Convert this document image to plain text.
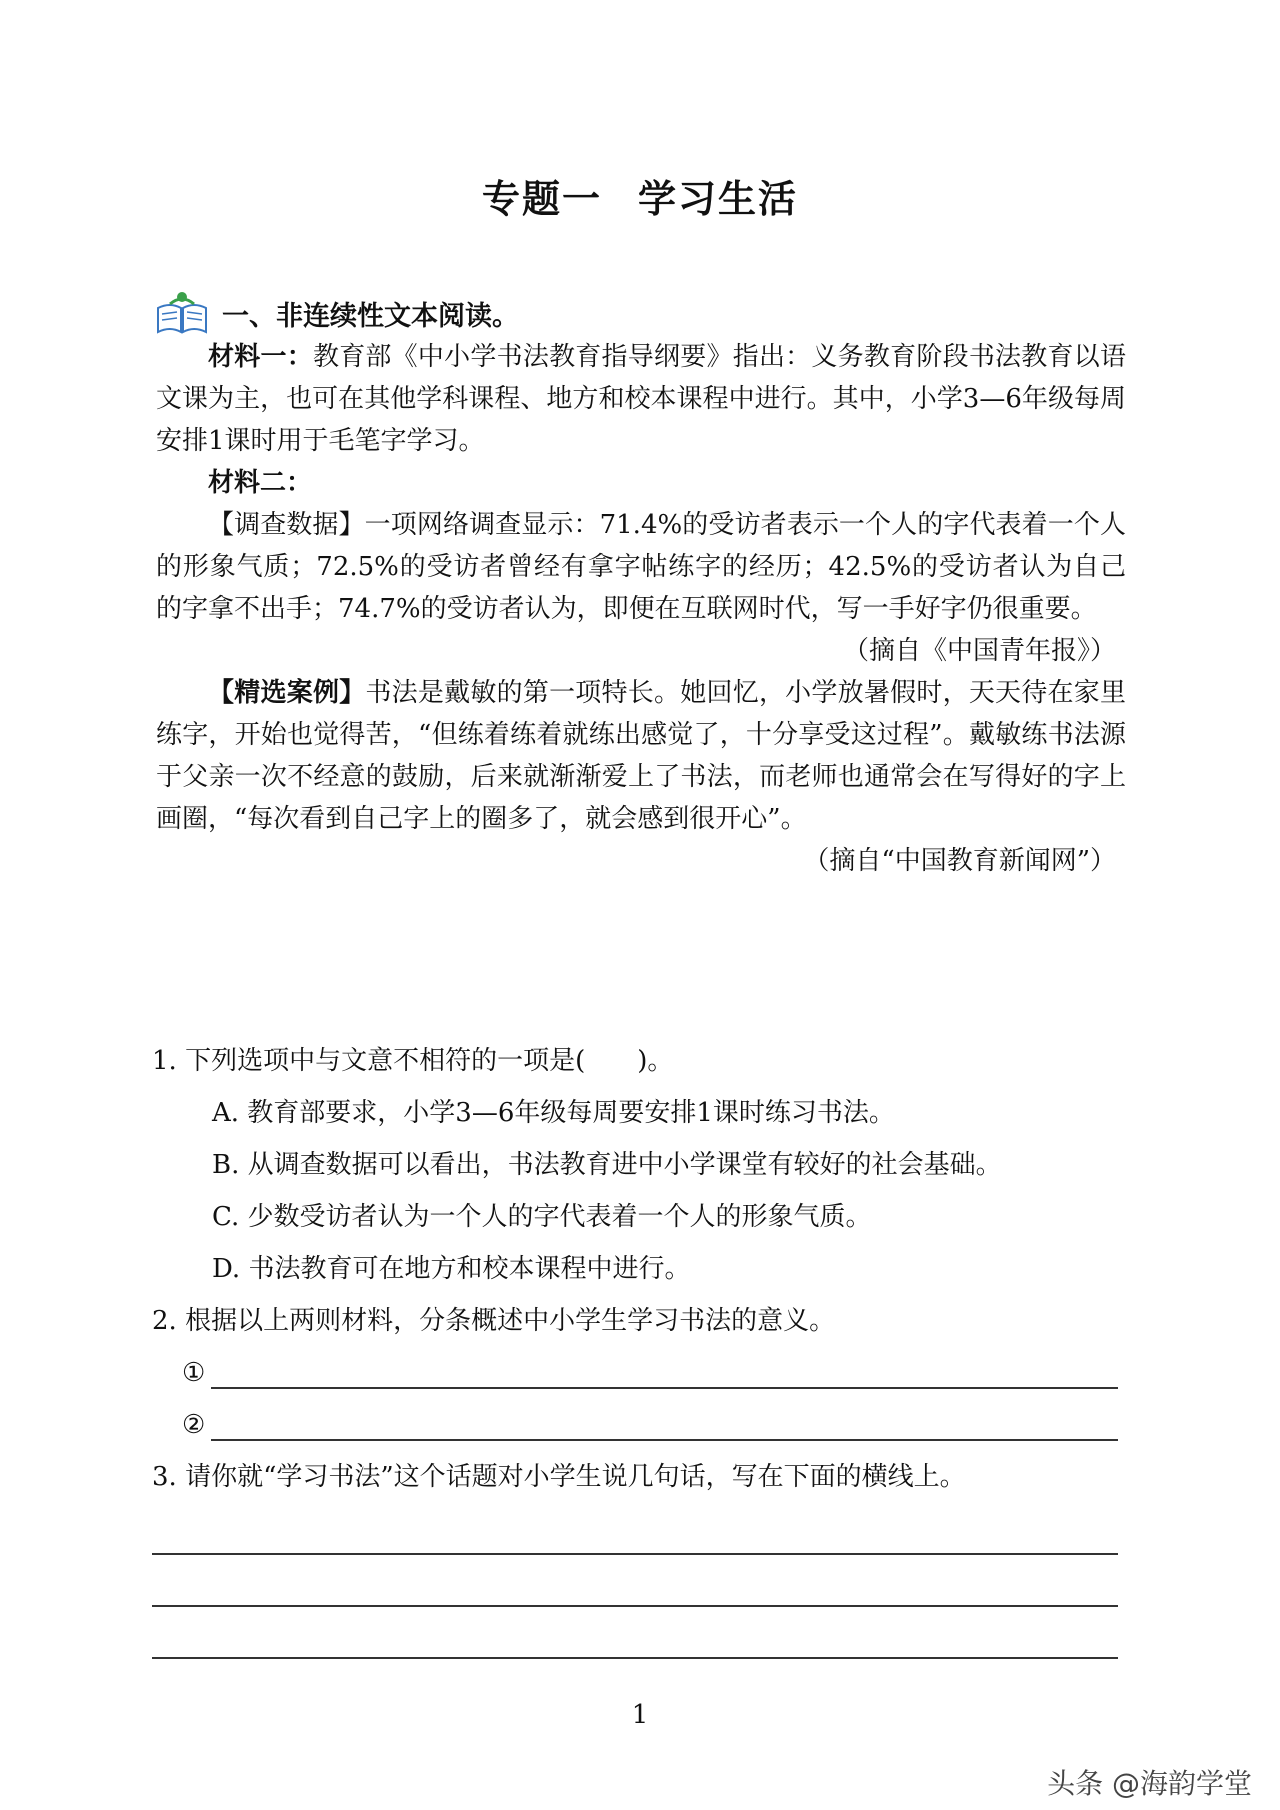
专题一 学习生活
一、非连续性文本阅读。
材料一：教育部《中小学书法教育指导纲要》指出：义务教育阶段书法教育以语文课为主，也可在其他学科课程、地方和校本课程中进行。其中，小学3—6年级每周安排1课时用于毛笔字学习。
材料二：
【调查数据】一项网络调查显示：71.4%的受访者表示一个人的字代表着一个人的形象气质；72.5%的受访者曾经有拿字帖练字的经历；42.5%的受访者认为自己的字拿不出手；74.7%的受访者认为，即便在互联网时代，写一手好字仍很重要。
（摘自《中国青年报》）
【精选案例】书法是戴敏的第一项特长。她回忆，小学放暑假时，天天待在家里练字，开始也觉得苦，“但练着练着就练出感觉了，十分享受这过程”。戴敏练书法源于父亲一次不经意的鼓励，后来就渐渐爱上了书法，而老师也通常会在写得好的字上画圈，“每次看到自己字上的圈多了，就会感到很开心”。
（摘自“中国教育新闻网”）
1. 下列选项中与文意不相符的一项是(　　)。
A. 教育部要求，小学3—6年级每周要安排1课时练习书法。
B. 从调查数据可以看出，书法教育进中小学课堂有较好的社会基础。
C. 少数受访者认为一个人的字代表着一个人的形象气质。
D. 书法教育可在地方和校本课程中进行。
2. 根据以上两则材料，分条概述中小学生学习书法的意义。
①
②
3. 请你就“学习书法”这个话题对小学生说几句话，写在下面的横线上。
1
头条 @海韵学堂
